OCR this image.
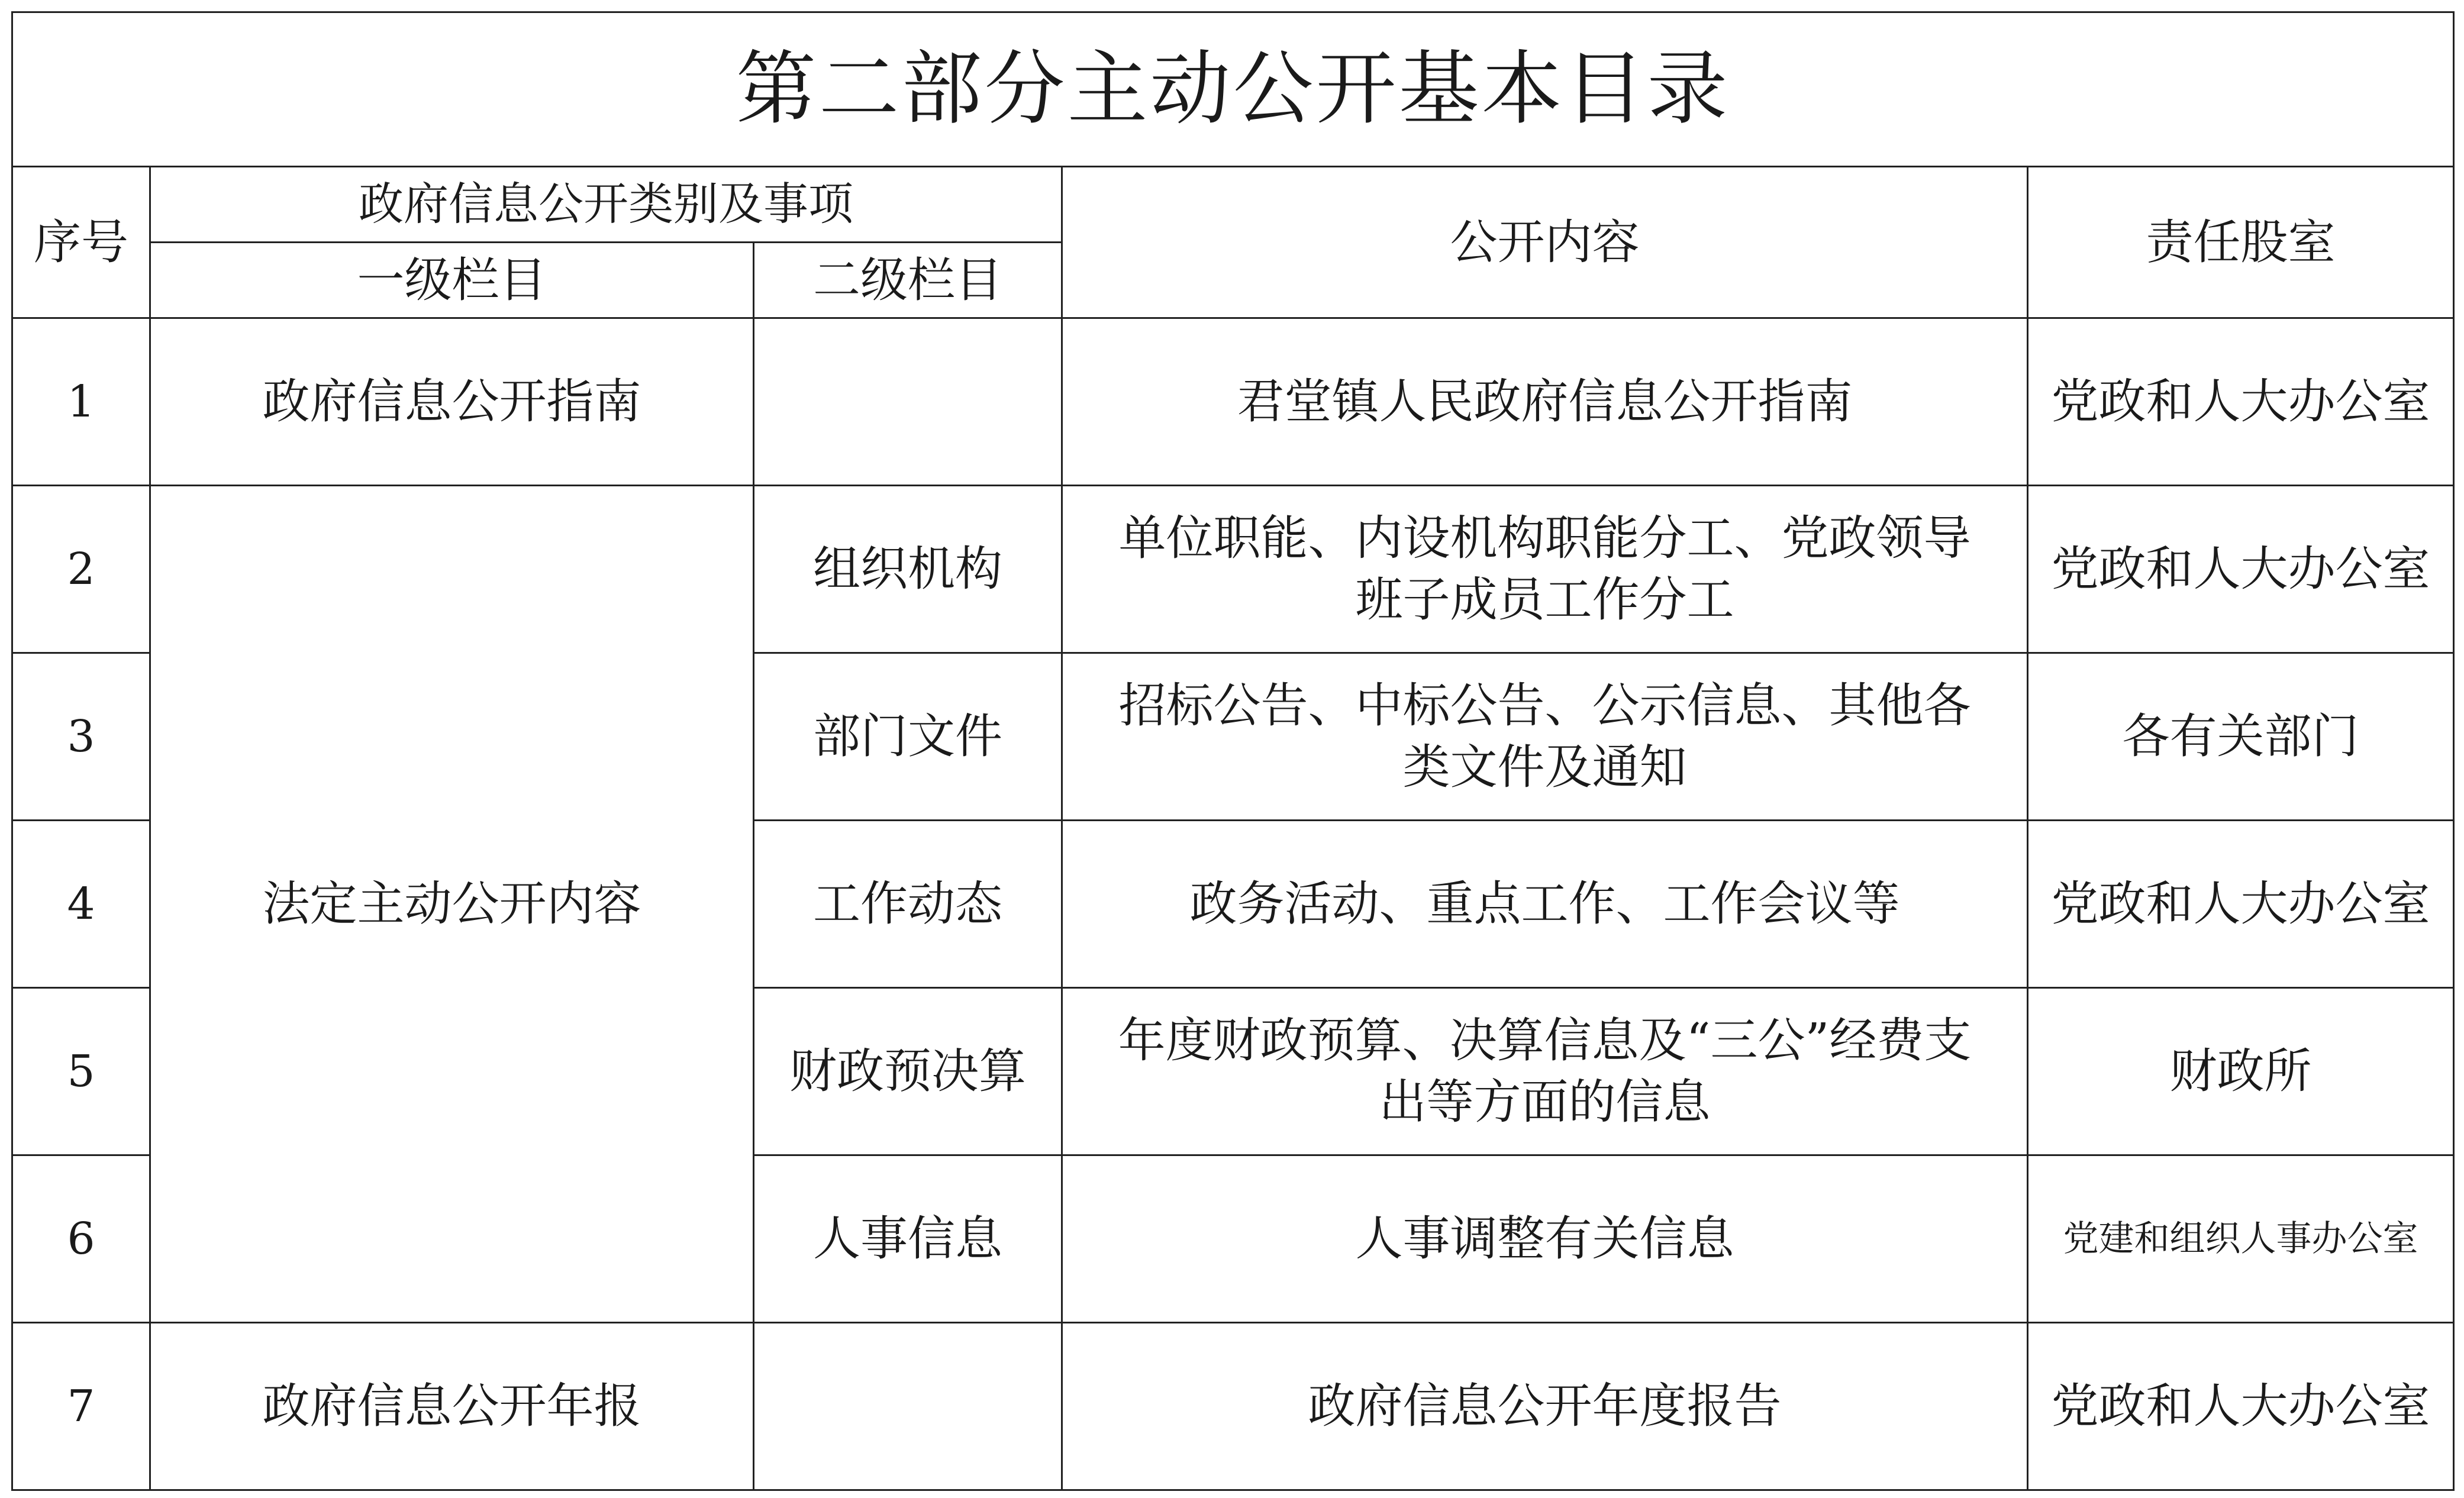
第二部分主动公开基本目录				
序号	政府信息公开类别及事项		公开内容	责任股室
	一级栏目	二级栏目		
1	政府信息公开指南		君堂镇人民政府信息公开指南	党政和人大办公室
2	法定主动公开内容	组织机构	单位职能、内设机构职能分工、党政领导班子成员工作分工	党政和人大办公室
3		部门文件	招标公告、中标公告、公示信息、其他各类文件及通知	各有关部门
4		工作动态	政务活动、重点工作、工作会议等	党政和人大办公室
5		财政预决算	年度财政预算、决算信息及“三公”经费支出等方面的信息	财政所
6		人事信息	人事调整有关信息	党建和组织人事办公室
7	政府信息公开年报		政府信息公开年度报告	党政和人大办公室
